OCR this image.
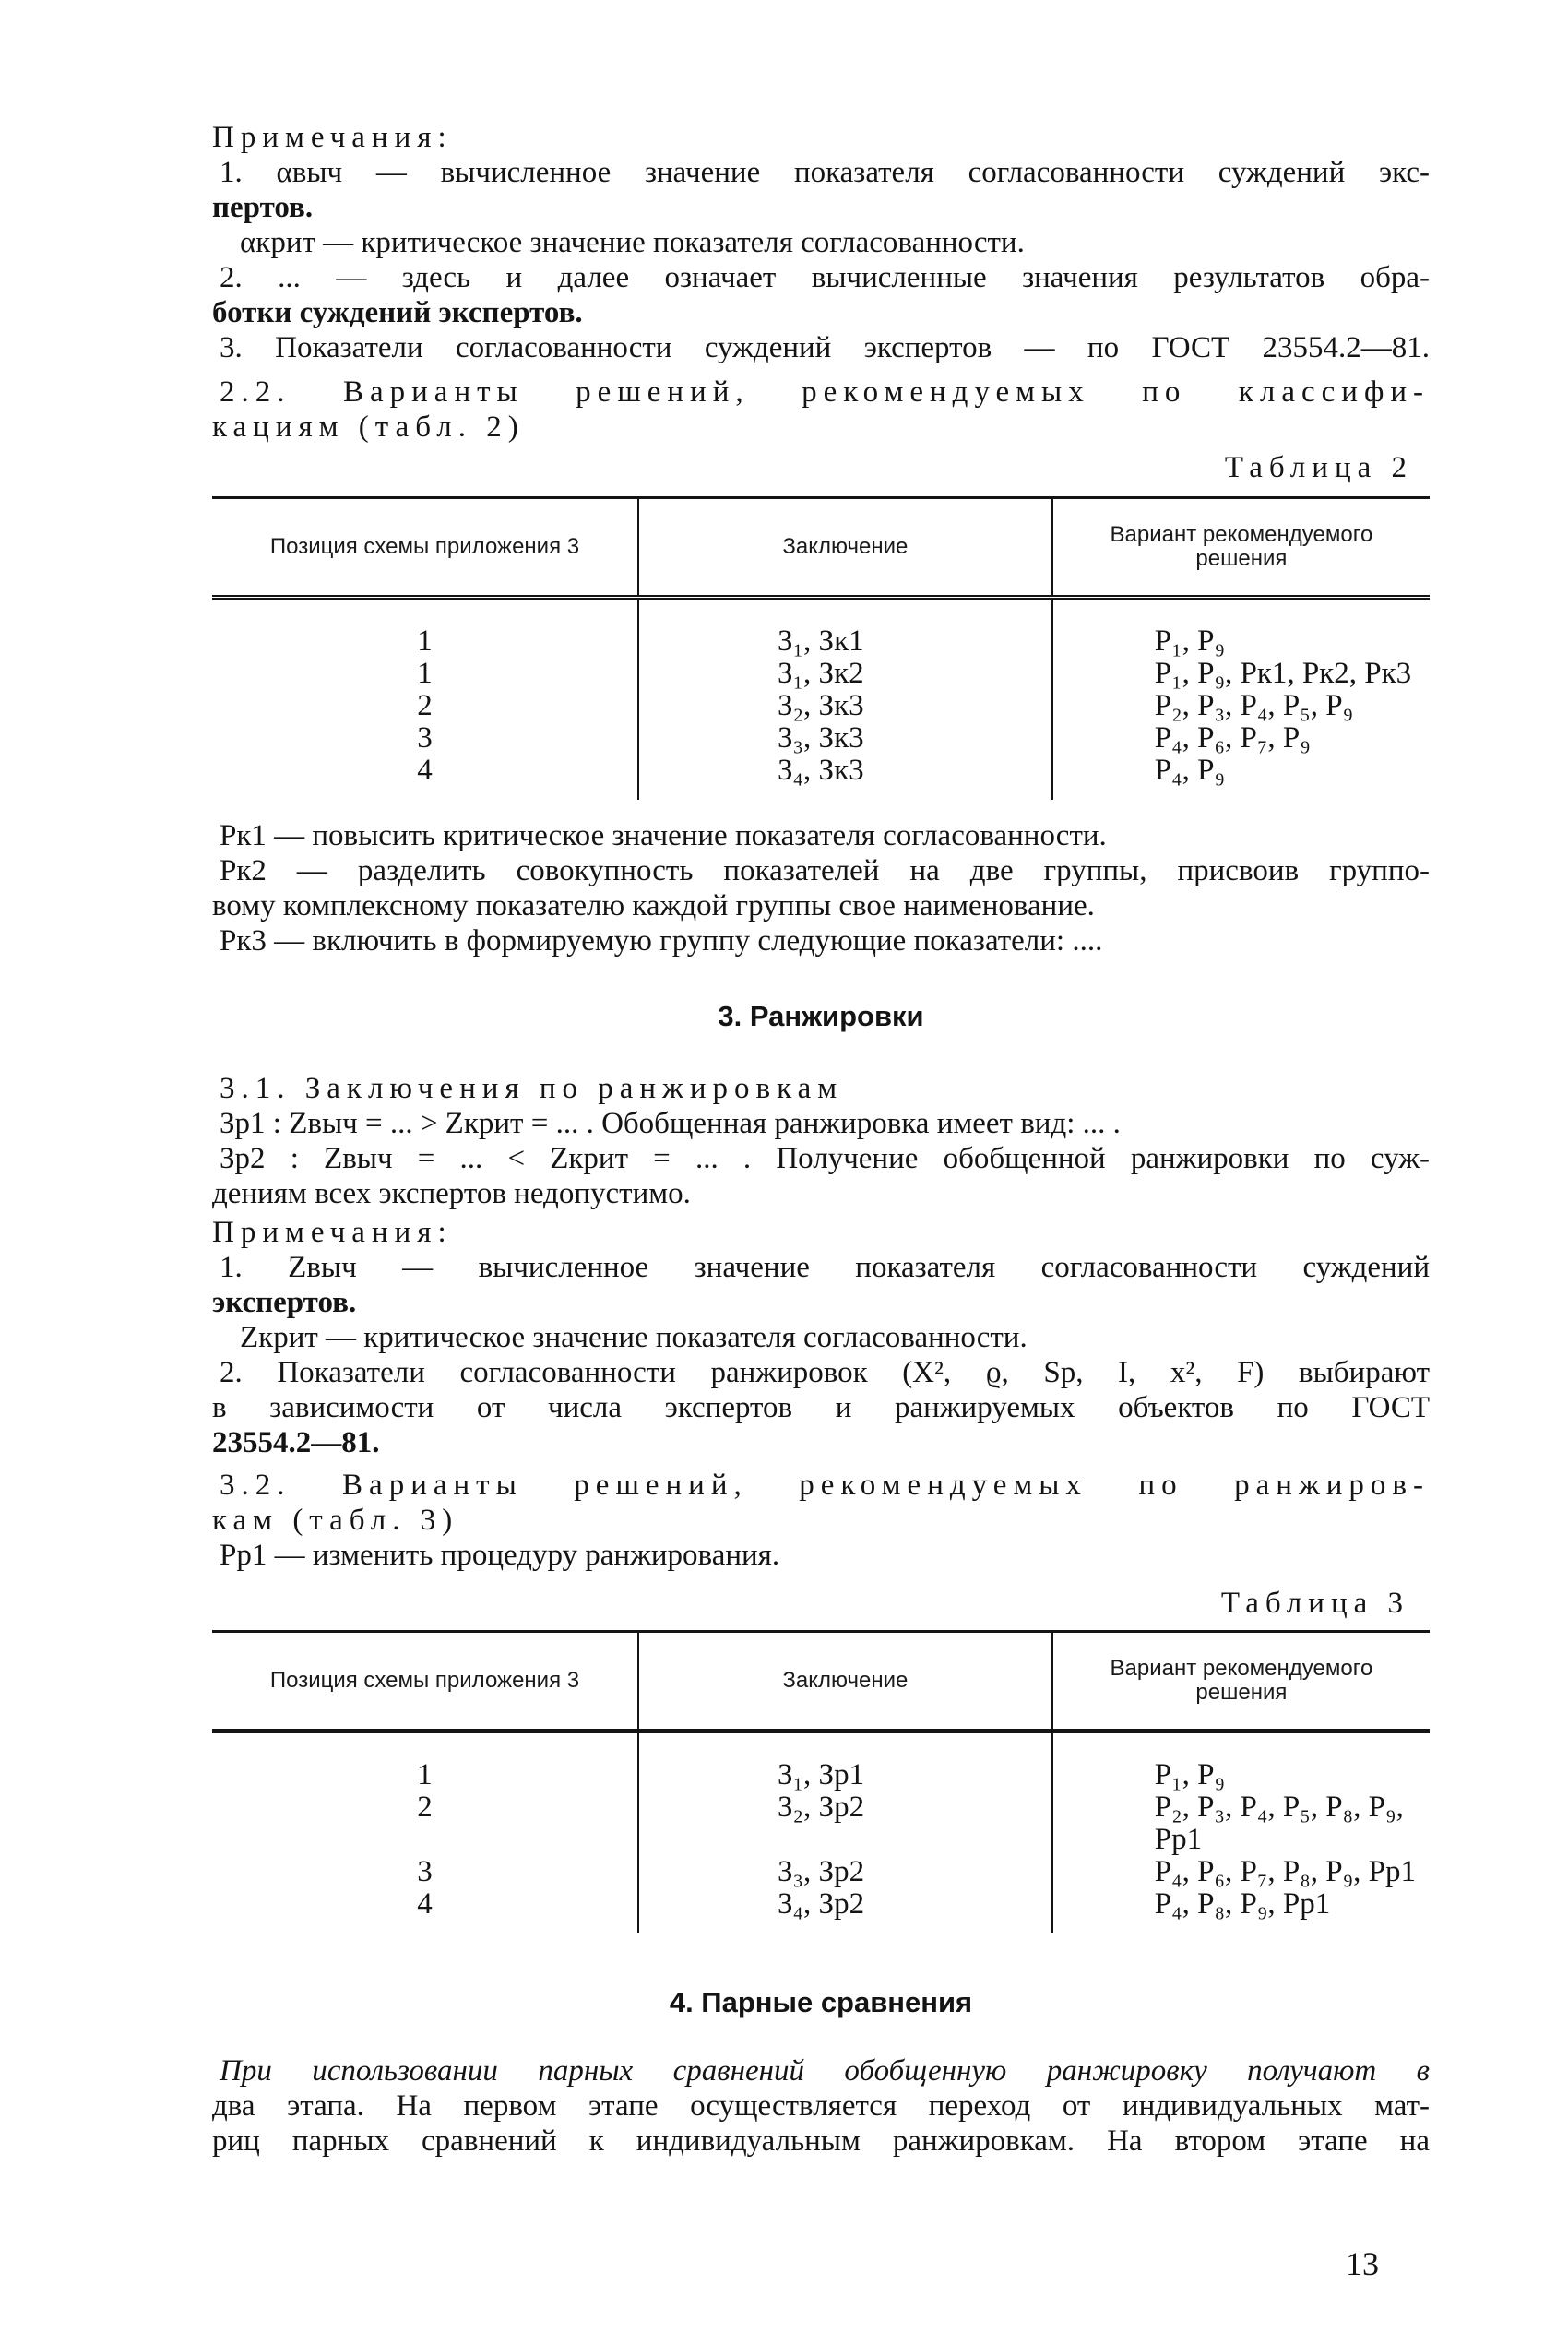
Примечания:
1. αвыч — вычисленное значение показателя согласованности суждений экс-
пертов.
αкрит — критическое значение показателя согласованности.
2. ... — здесь и далее означает вычисленные значения результатов обра-
ботки суждений экспертов.
3. Показатели согласованности суждений экспертов — по ГОСТ 23554.2—81.
2.2. Варианты решений, рекомендуемых по классифи-
кациям (табл. 2)
Таблица 2
Позиция схемы приложения 3	Заключение	Вариант рекомендуемого решения
1	З₁, Зк1	Р₁, Р₉
1	З₁, Зк2	Р₁, Р₉, Рк1, Рк2, Рк3
2	З₂, Зк3	Р₂, Р₃, Р₄, Р₅, Р₉
3	З₃, Зк3	Р₄, Р₆, Р₇, Р₉
4	З₄, Зк3	Р₄, Р₉
Рк1 — повысить критическое значение показателя согласованности.
Рк2 — разделить совокупность показателей на две группы, присвоив группо-
вому комплексному показателю каждой группы свое наименование.
Рк3 — включить в формируемую группу следующие показатели: ....
3. Ранжировки
3.1. Заключения по ранжировкам
Зр1 : Zвыч = ... > Zкрит = ... . Обобщенная ранжировка имеет вид: ... .
Зр2 : Zвыч = ... < Zкрит = ... . Получение обобщенной ранжировки по суж-
дениям всех экспертов недопустимо.
Примечания:
1. Zвыч — вычисленное значение показателя согласованности суждений
экспертов.
Zкрит — критическое значение показателя согласованности.
2. Показатели согласованности ранжировок (X², ϱ, Sр, I, x², F) выбирают
в зависимости от числа экспертов и ранжируемых объектов по ГОСТ
23554.2—81.
3.2. Варианты решений, рекомендуемых по ранжиров-
кам (табл. 3)
Рр1 — изменить процедуру ранжирования.
Таблица 3
Позиция схемы приложения 3	Заключение	Вариант рекомендуемого решения
1	З₁, Зр1	Р₁, Р₉
2	З₂, Зр2	Р₂, Р₃, Р₄, Р₅, Р₈, Р₉, Рр1
3	З₃, Зр2	Р₄, Р₆, Р₇, Р₈, Р₉, Рр1
4	З₄, Зр2	Р₄, Р₈, Р₉, Рр1
4. Парные сравнения
При использовании парных сравнений обобщенную ранжировку получают в
два этапа. На первом этапе осуществляется переход от индивидуальных мат-
риц парных сравнений к индивидуальным ранжировкам. На втором этапе на
13
